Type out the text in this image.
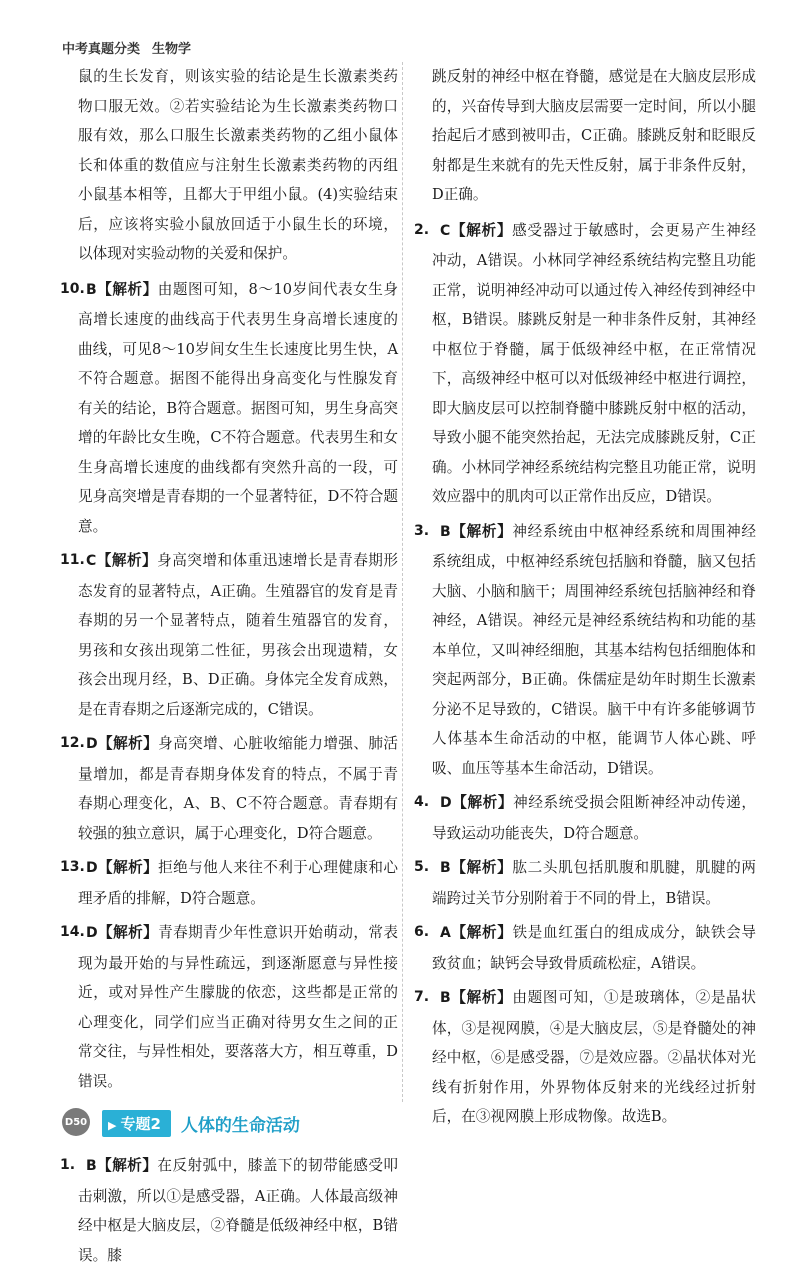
中考真题分类 生物学

鼠的生长发育，则该实验的结论是生长激素类药物口服无效。②若实验结论为生长激素类药物口服有效，那么口服生长激素类药物的乙组小鼠体长和体重的数值应与注射生长激素类药物的丙组小鼠基本相等，且都大于甲组小鼠。(4)实验结束后，应该将实验小鼠放回适于小鼠生长的环境，以体现对实验动物的关爱和保护。

10. B【解析】由题图可知，8～10岁间代表女生身高增长速度的曲线高于代表男生身高增长速度的曲线，可见8～10岁间女生生长速度比男生快，A不符合题意。据图不能得出身高变化与性腺发育有关的结论，B符合题意。据图可知，男生身高突增的年龄比女生晚，C不符合题意。代表男生和女生身高增长速度的曲线都有突然升高的一段，可见身高突增是青春期的一个显著特征，D不符合题意。
11. C【解析】身高突增和体重迅速增长是青春期形态发育的显著特点，A正确。生殖器官的发育是青春期的另一个显著特点，随着生殖器官的发育，男孩和女孩出现第二性征，男孩会出现遗精，女孩会出现月经，B、D正确。身体完全发育成熟，是在青春期之后逐渐完成的，C错误。
12. D【解析】身高突增、心脏收缩能力增强、肺活量增加，都是青春期身体发育的特点，不属于青春期心理变化，A、B、C不符合题意。青春期有较强的独立意识，属于心理变化，D符合题意。
13. D【解析】拒绝与他人来往不利于心理健康和心理矛盾的排解，D符合题意。
14. D【解析】青春期青少年性意识开始萌动，常表现为最开始的与异性疏远，到逐渐愿意与异性接近，或对异性产生朦胧的依恋，这些都是正常的心理变化，同学们应当正确对待男女生之间的正常交往，与异性相处，要落落大方，相互尊重，D错误。
▶ 专题2	人体的生命活动
1. B【解析】在反射弧中，膝盖下的韧带能感受叩击刺激，所以①是感受器，A正确。人体最高级神经中枢是大脑皮层，②脊髓是低级神经中枢，B错误。膝

跳反射的神经中枢在脊髓，感觉是在大脑皮层形成的，兴奋传导到大脑皮层需要一定时间，所以小腿抬起后才感到被叩击，C正确。膝跳反射和眨眼反射都是生来就有的先天性反射，属于非条件反射，D正确。

2. C【解析】感受器过于敏感时，会更易产生神经冲动，A错误。小林同学神经系统结构完整且功能正常，说明神经冲动可以通过传入神经传到神经中枢，B错误。膝跳反射是一种非条件反射，其神经中枢位于脊髓，属于低级神经中枢，在正常情况下，高级神经中枢可以对低级神经中枢进行调控，即大脑皮层可以控制脊髓中膝跳反射中枢的活动，导致小腿不能突然抬起，无法完成膝跳反射，C正确。小林同学神经系统结构完整且功能正常，说明效应器中的肌肉可以正常作出反应，D错误。
3. B【解析】神经系统由中枢神经系统和周围神经系统组成，中枢神经系统包括脑和脊髓，脑又包括大脑、小脑和脑干；周围神经系统包括脑神经和脊神经，A错误。神经元是神经系统结构和功能的基本单位，又叫神经细胞，其基本结构包括细胞体和突起两部分，B正确。侏儒症是幼年时期生长激素分泌不足导致的，C错误。脑干中有许多能够调节人体基本生命活动的中枢，能调节人体心跳、呼吸、血压等基本生命活动，D错误。
4. D【解析】神经系统受损会阻断神经冲动传递，导致运动功能丧失，D符合题意。
5. B【解析】肱二头肌包括肌腹和肌腱，肌腱的两端跨过关节分别附着于不同的骨上，B错误。
6. A【解析】铁是血红蛋白的组成成分，缺铁会导致贫血；缺钙会导致骨质疏松症，A错误。
7. B【解析】由题图可知，①是玻璃体，②是晶状体，③是视网膜，④是大脑皮层，⑤是脊髓处的神经中枢，⑥是感受器，⑦是效应器。②晶状体对光线有折射作用，外界物体反射来的光线经过折射后，在③视网膜上形成物像。故选B。
D50
